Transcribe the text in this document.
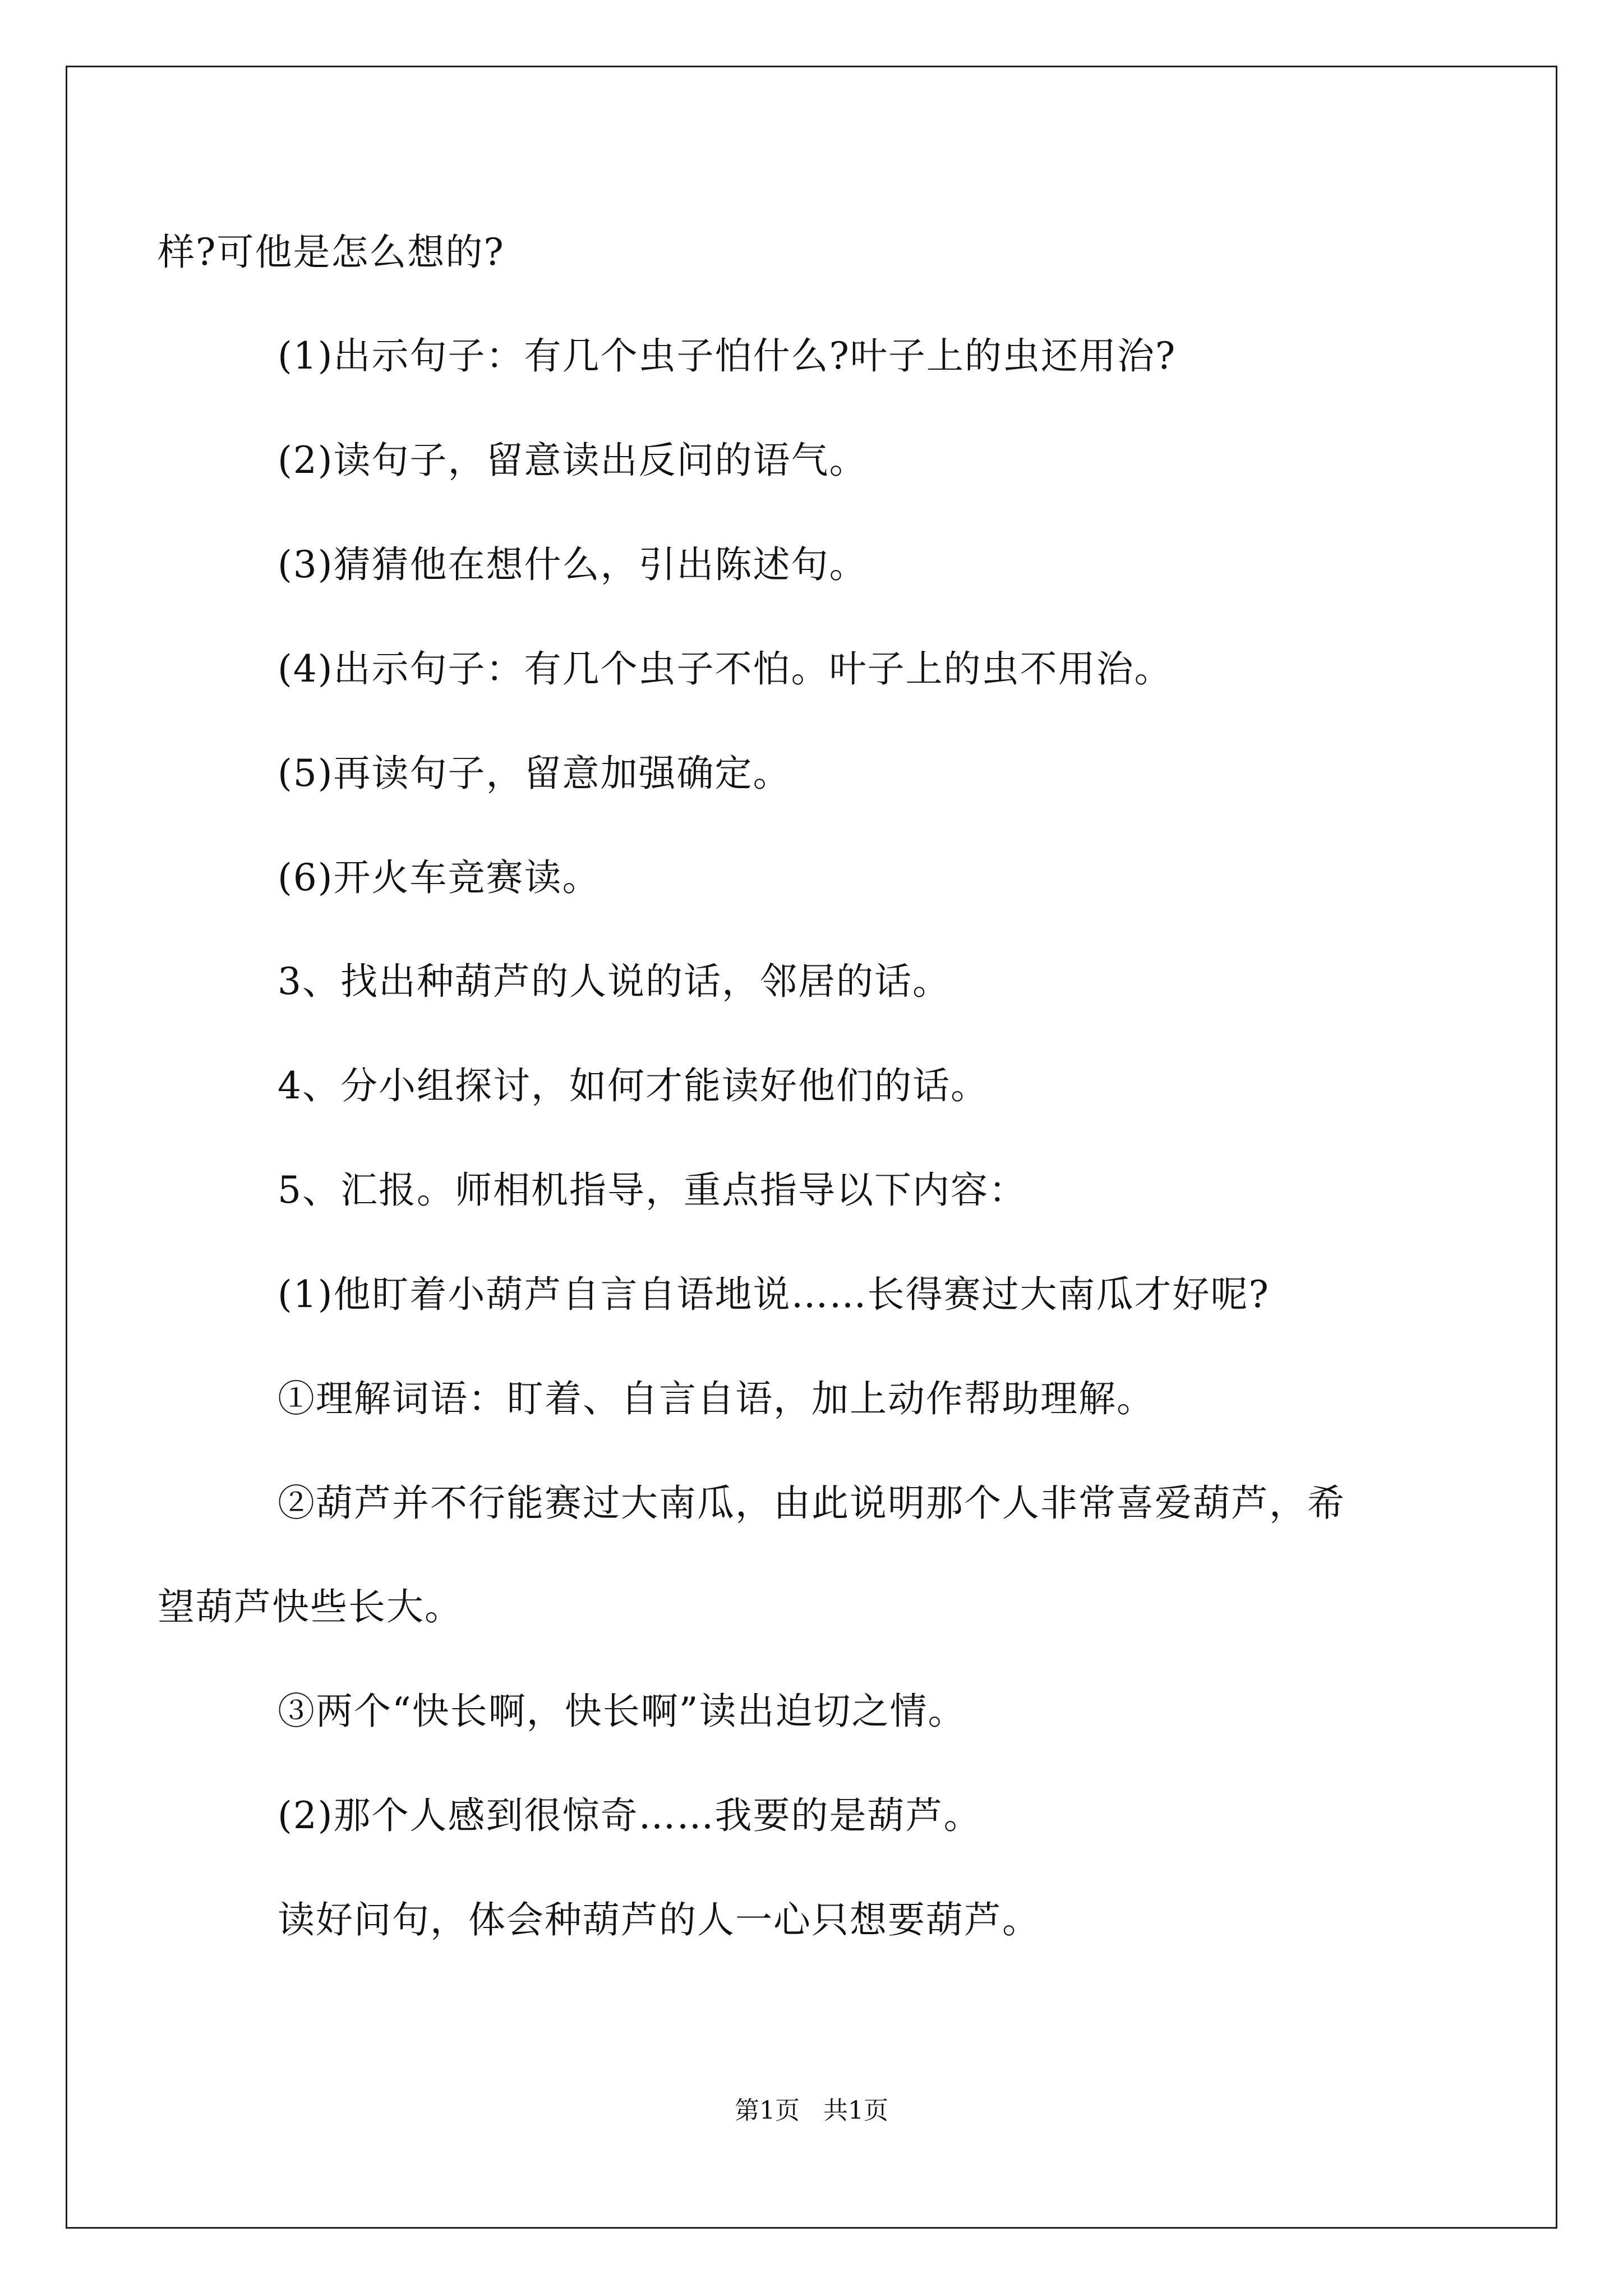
样?可他是怎么想的?
(1)出示句子：有几个虫子怕什么?叶子上的虫还用治?
(2)读句子，留意读出反问的语气。
(3)猜猜他在想什么，引出陈述句。
(4)出示句子：有几个虫子不怕。叶子上的虫不用治。
(5)再读句子，留意加强确定。
(6)开火车竞赛读。
3、找出种葫芦的人说的话，邻居的话。
4、分小组探讨，如何才能读好他们的话。
5、汇报。师相机指导，重点指导以下内容：
(1)他盯着小葫芦自言自语地说……长得赛过大南瓜才好呢?
①理解词语：盯着、自言自语，加上动作帮助理解。
②葫芦并不行能赛过大南瓜，由此说明那个人非常喜爱葫芦，希
望葫芦快些长大。
③两个“快长啊，快长啊”读出迫切之情。
(2)那个人感到很惊奇……我要的是葫芦。
读好问句，体会种葫芦的人一心只想要葫芦。
第1页   共1页
